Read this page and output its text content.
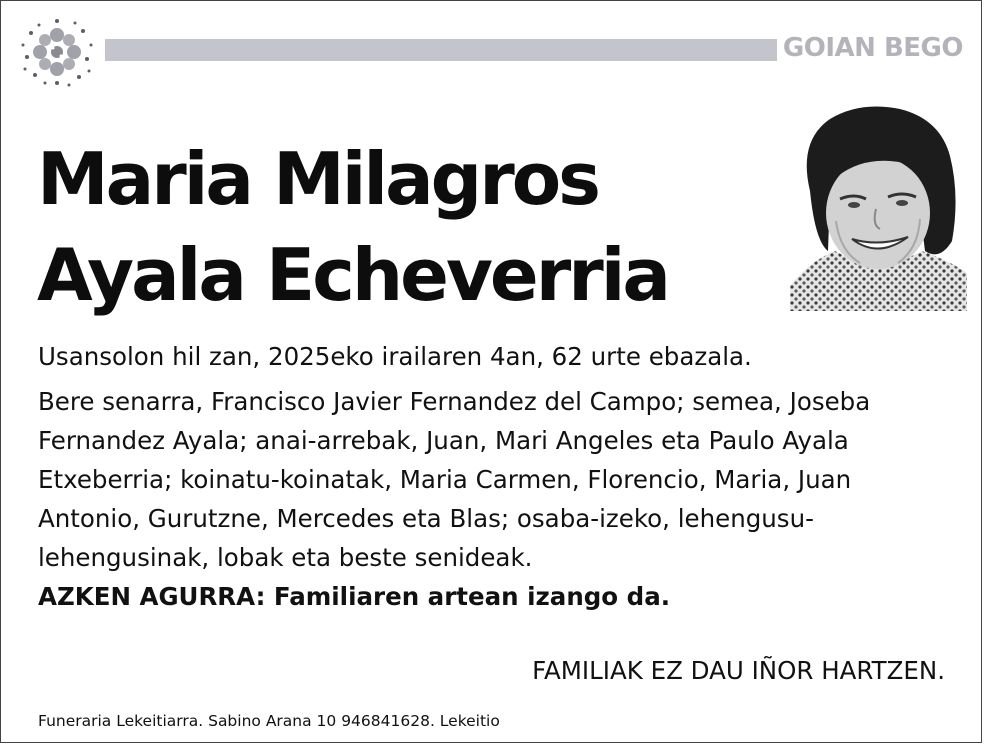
GOIAN BEGO
Maria Milagros
Ayala Echeverria

Usansolon hil zan, 2025eko irailaren 4an, 62 urte ebazala.

Bere senarra, Francisco Javier Fernandez del Campo; semea, Joseba Fernandez Ayala; anai-arrebak, Juan, Mari Angeles eta Paulo Ayala Etxeberria; koinatu-koinatak, Maria Carmen, Florencio, Maria, Juan Antonio, Gurutzne, Mercedes eta Blas; osaba-izeko, lehengusu-lehengusinak, lobak eta beste senideak.

AZKEN AGURRA: Familiaren artean izango da.

FAMILIAK EZ DAU IÑOR HARTZEN.
Funeraria Lekeitiarra. Sabino Arana 10 946841628. Lekeitio
